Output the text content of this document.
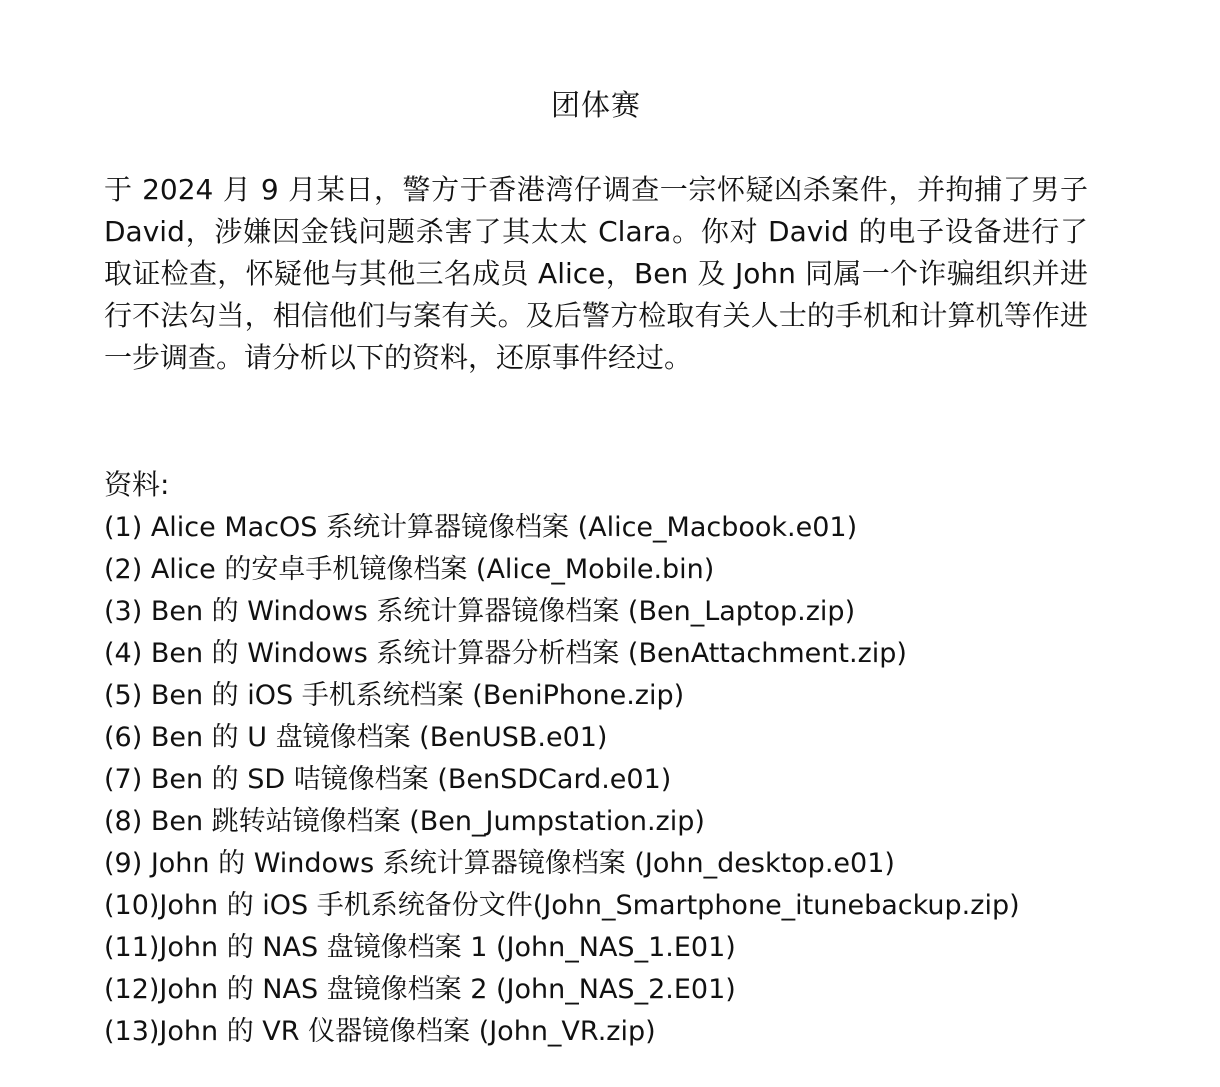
团体赛

于 2024 月 9 月某日，警方于香港湾仔调查一宗怀疑凶杀案件，并拘捕了男子 David，涉嫌因金钱问题杀害了其太太 Clara。你对 David 的电子设备进行了取证检查，怀疑他与其他三名成员 Alice，Ben 及 John 同属一个诈骗组织并进行不法勾当，相信他们与案有关。及后警方检取有关人士的手机和计算机等作进一步调查。请分析以下的资料，还原事件经过。

资料:
(1) Alice MacOS 系统计算器镜像档案 (Alice_Macbook.e01)
(2) Alice 的安卓手机镜像档案 (Alice_Mobile.bin)
(3) Ben 的 Windows 系统计算器镜像档案 (Ben_Laptop.zip)
(4) Ben 的 Windows 系统计算器分析档案 (BenAttachment.zip)
(5) Ben 的 iOS 手机系统档案 (BeniPhone.zip)
(6) Ben 的 U 盘镜像档案 (BenUSB.e01)
(7) Ben 的 SD 咭镜像档案 (BenSDCard.e01)
(8) Ben 跳转站镜像档案 (Ben_Jumpstation.zip)
(9) John 的 Windows 系统计算器镜像档案 (John_desktop.e01)
(10)John 的 iOS 手机系统备份文件(John_Smartphone_itunebackup.zip)
(11)John 的 NAS 盘镜像档案 1 (John_NAS_1.E01)
(12)John 的 NAS 盘镜像档案 2 (John_NAS_2.E01)
(13)John 的 VR 仪器镜像档案 (John_VR.zip)
